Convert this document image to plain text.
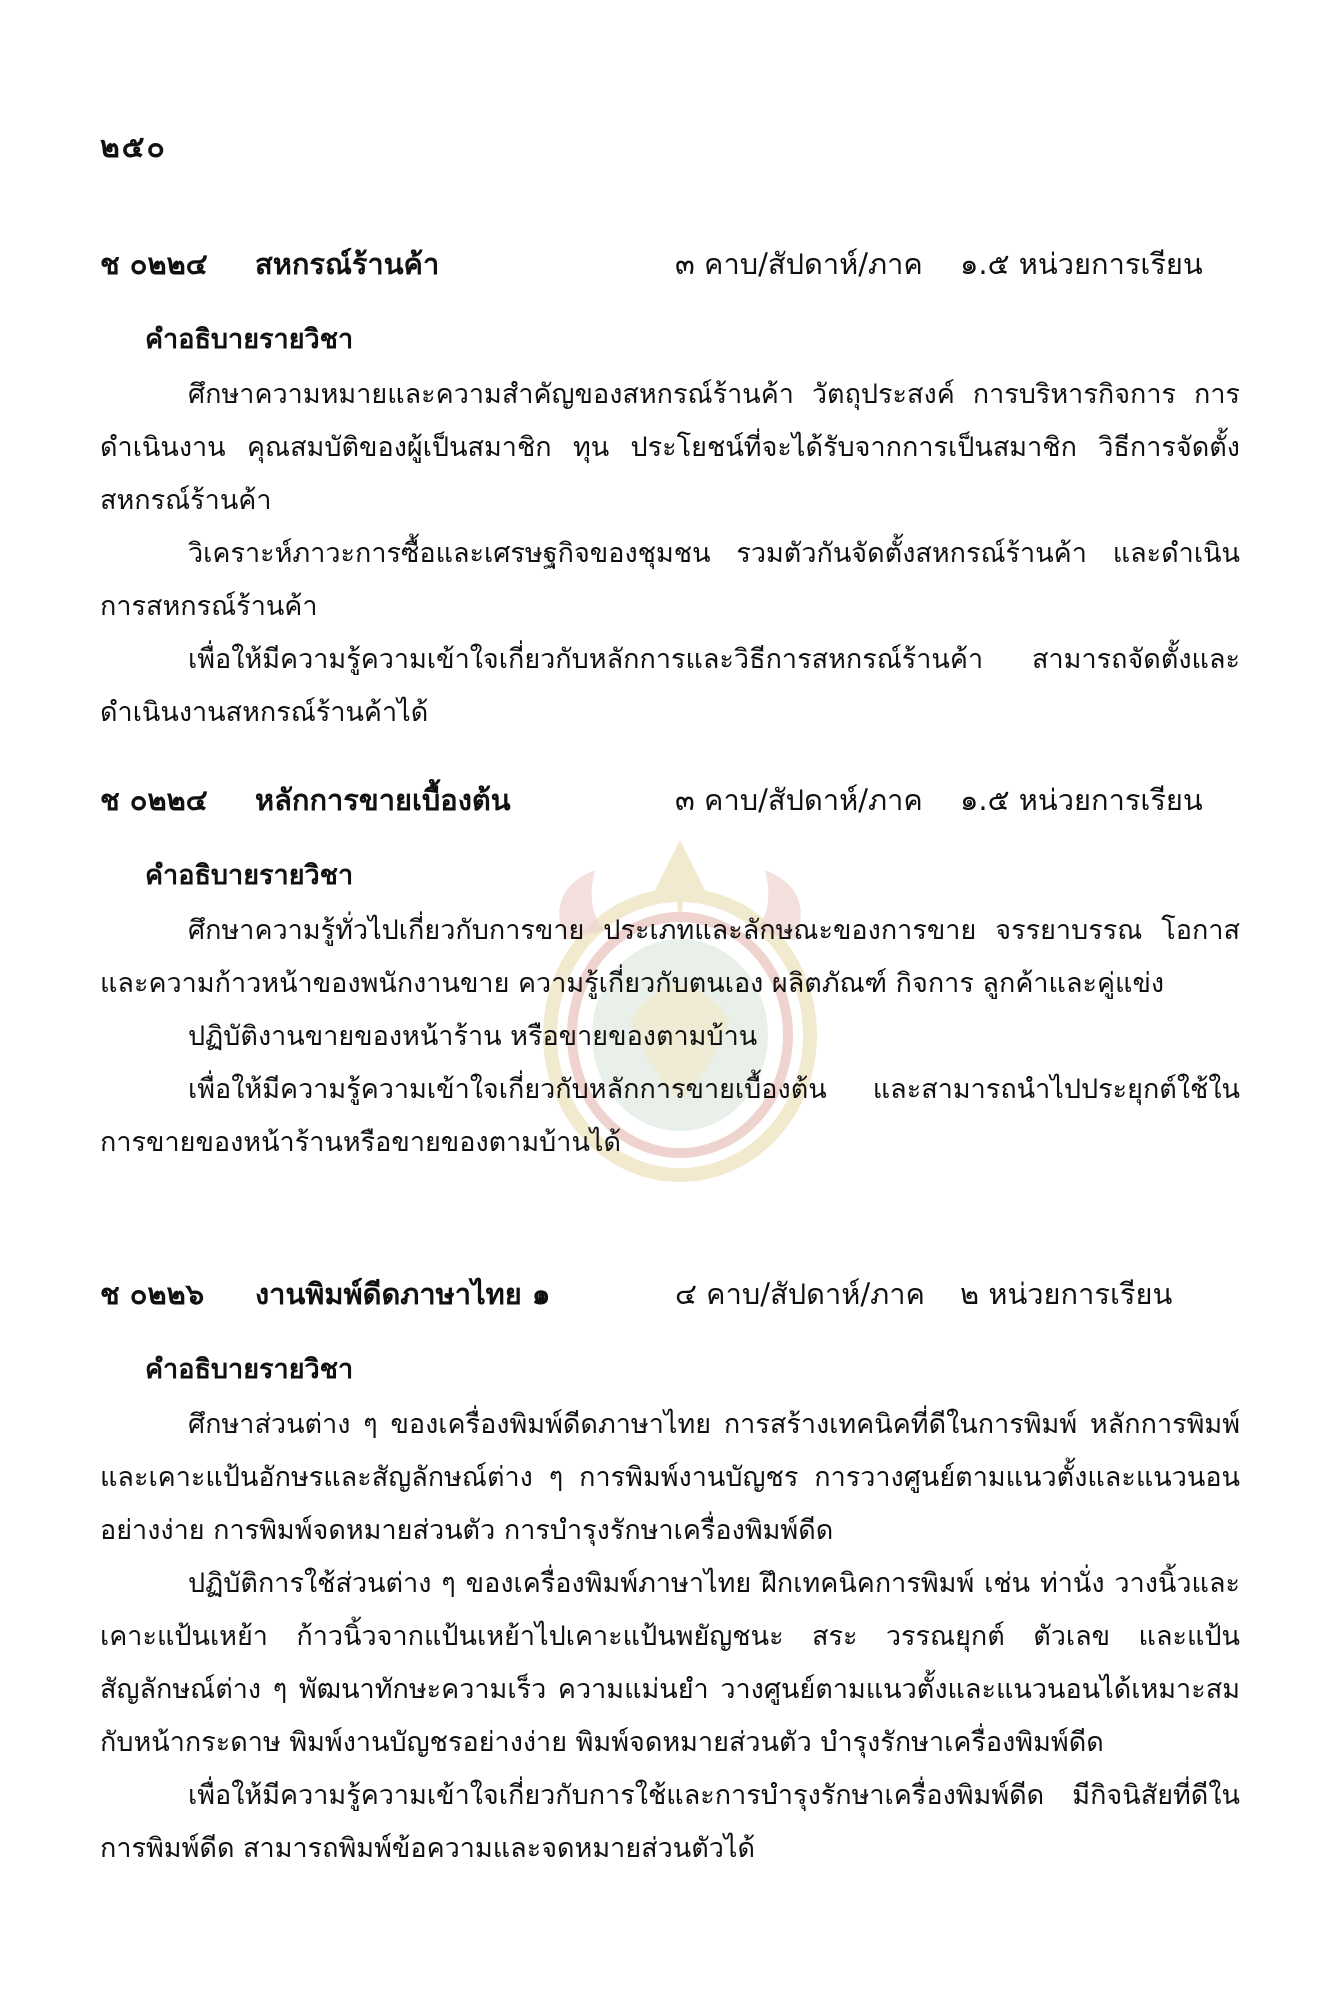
๒๕๐
ช ๐๒๒๔ สหกรณ์ร้านค้า	๓ คาบ/สัปดาห์/ภาค ๑.๕ หน่วยการเรียน
คำอธิบายรายวิชา

ศึกษาความหมายและความสำคัญของสหกรณ์ร้านค้า วัตถุประสงค์ การบริหารกิจการ การดำเนินงาน คุณสมบัติของผู้เป็นสมาชิก ทุน ประโยชน์ที่จะได้รับจากการเป็นสมาชิก วิธีการจัดตั้งสหกรณ์ร้านค้า

วิเคราะห์ภาวะการซื้อและเศรษฐกิจของชุมชน รวมตัวกันจัดตั้งสหกรณ์ร้านค้า และดำเนินการสหกรณ์ร้านค้า

เพื่อให้มีความรู้ความเข้าใจเกี่ยวกับหลักการและวิธีการสหกรณ์ร้านค้า สามารถจัดตั้งและดำเนินงานสหกรณ์ร้านค้าได้

ช ๐๒๒๔ หลักการขายเบื้องต้น	๓ คาบ/สัปดาห์/ภาค ๑.๕ หน่วยการเรียน
คำอธิบายรายวิชา

ศึกษาความรู้ทั่วไปเกี่ยวกับการขาย ประเภทและลักษณะของการขาย จรรยาบรรณ โอกาสและความก้าวหน้าของพนักงานขาย ความรู้เกี่ยวกับตนเอง ผลิตภัณฑ์ กิจการ ลูกค้าและคู่แข่ง

ปฏิบัติงานขายของหน้าร้าน หรือขายของตามบ้าน

เพื่อให้มีความรู้ความเข้าใจเกี่ยวกับหลักการขายเบื้องต้น และสามารถนำไปประยุกต์ใช้ในการขายของหน้าร้านหรือขายของตามบ้านได้

ช ๐๒๒๖ งานพิมพ์ดีดภาษาไทย ๑	๔ คาบ/สัปดาห์/ภาค ๒ หน่วยการเรียน
คำอธิบายรายวิชา

ศึกษาส่วนต่าง ๆ ของเครื่องพิมพ์ดีดภาษาไทย การสร้างเทคนิคที่ดีในการพิมพ์ หลักการพิมพ์ และเคาะแป้นอักษรและสัญลักษณ์ต่าง ๆ การพิมพ์งานบัญชร การวางศูนย์ตามแนวตั้งและแนวนอนอย่างง่าย การพิมพ์จดหมายส่วนตัว การบำรุงรักษาเครื่องพิมพ์ดีด

ปฏิบัติการใช้ส่วนต่าง ๆ ของเครื่องพิมพ์ภาษาไทย ฝึกเทคนิคการพิมพ์ เช่น ท่านั่ง วางนิ้วและเคาะแป้นเหย้า ก้าวนิ้วจากแป้นเหย้าไปเคาะแป้นพยัญชนะ สระ วรรณยุกต์ ตัวเลข และแป้นสัญลักษณ์ต่าง ๆ พัฒนาทักษะความเร็ว ความแม่นยำ วางศูนย์ตามแนวตั้งและแนวนอนได้เหมาะสมกับหน้ากระดาษ พิมพ์งานบัญชรอย่างง่าย พิมพ์จดหมายส่วนตัว บำรุงรักษาเครื่องพิมพ์ดีด

เพื่อให้มีความรู้ความเข้าใจเกี่ยวกับการใช้และการบำรุงรักษาเครื่องพิมพ์ดีด มีกิจนิสัยที่ดีในการพิมพ์ดีด สามารถพิมพ์ข้อความและจดหมายส่วนตัวได้
